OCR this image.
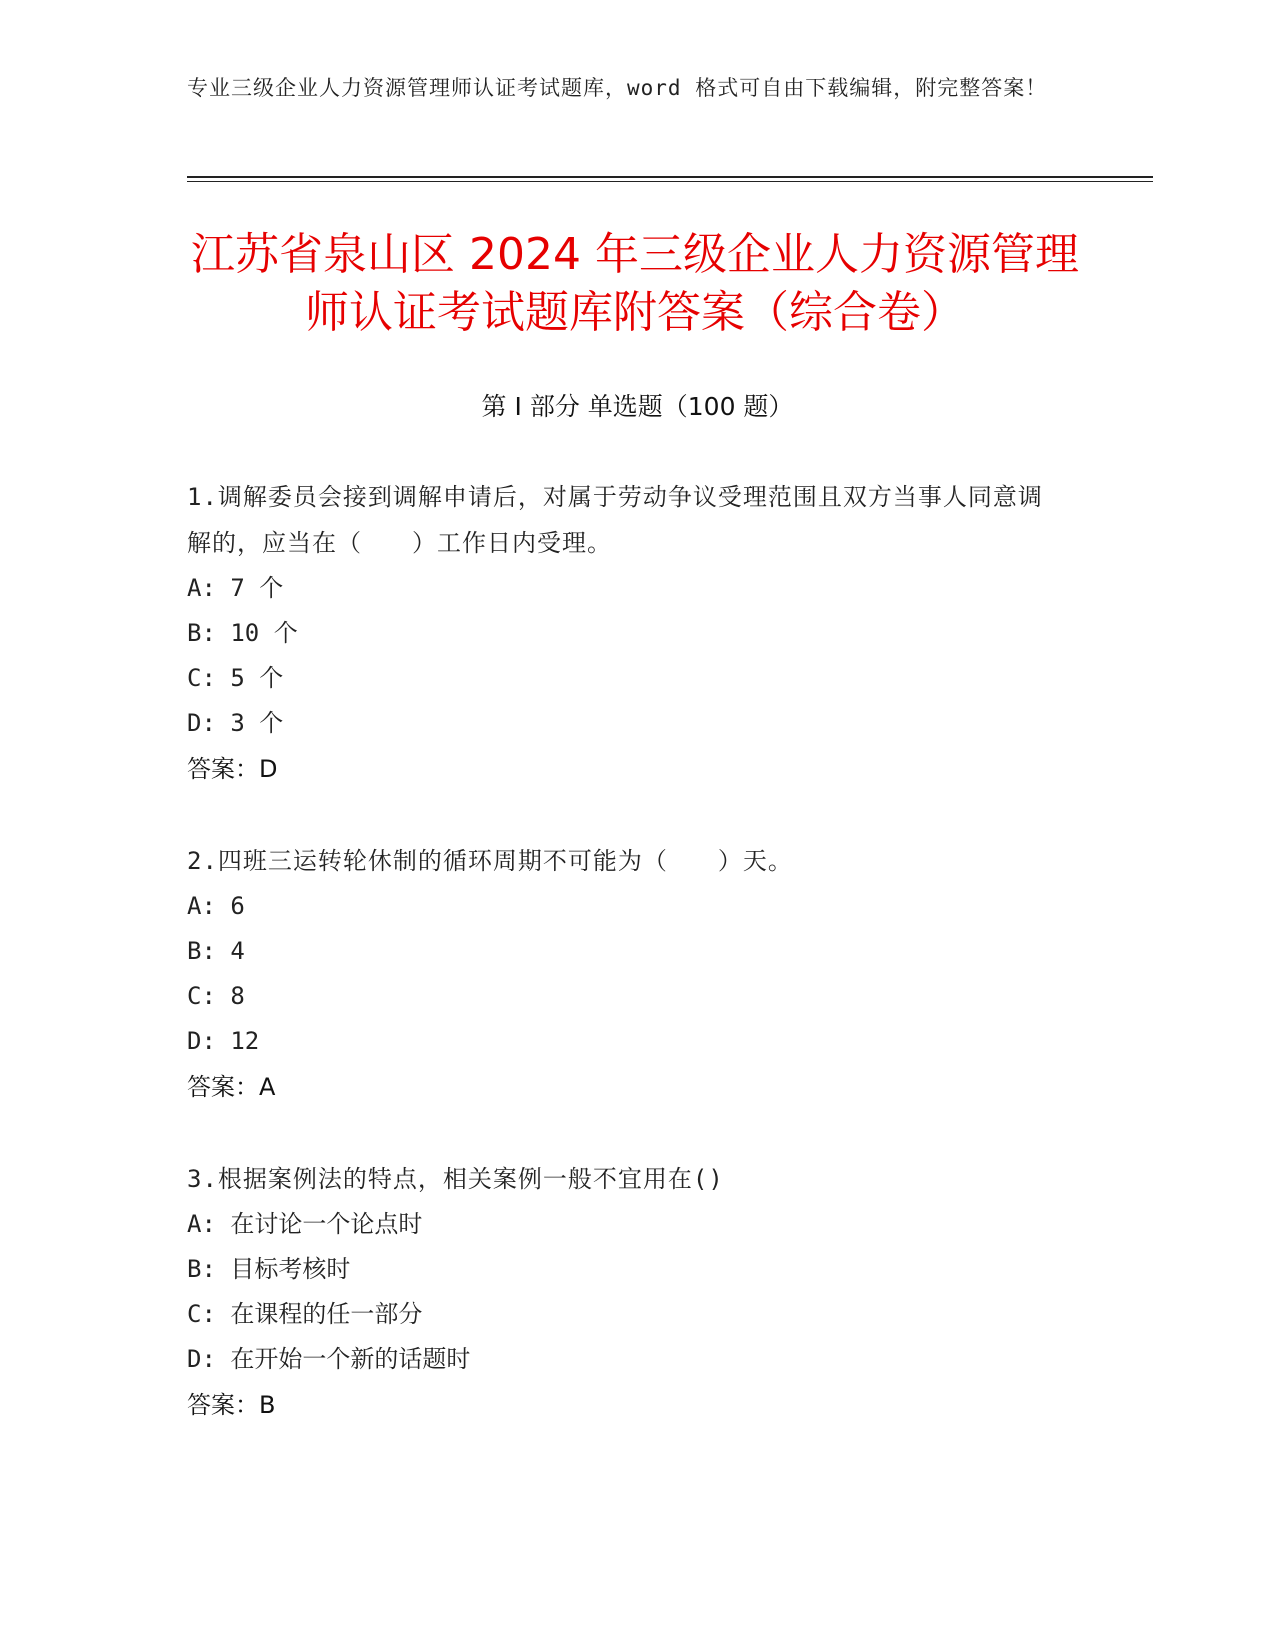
专业三级企业人力资源管理师认证考试题库，word 格式可自由下载编辑，附完整答案！
江苏省泉山区 2024 年三级企业人力资源管理
师认证考试题库附答案（综合卷）
第 I 部分 单选题（100 题）
1.调解委员会接到调解申请后，对属于劳动争议受理范围且双方当事人同意调解的，应当在（　　）工作日内受理。
A: 7 个
B: 10 个
C: 5 个
D: 3 个
答案：D
2.四班三运转轮休制的循环周期不可能为（　　）天。
A: 6
B: 4
C: 8
D: 12
答案：A
3.根据案例法的特点，相关案例一般不宜用在()
A: 在讨论一个论点时
B: 目标考核时
C: 在课程的任一部分
D: 在开始一个新的话题时
答案：B
